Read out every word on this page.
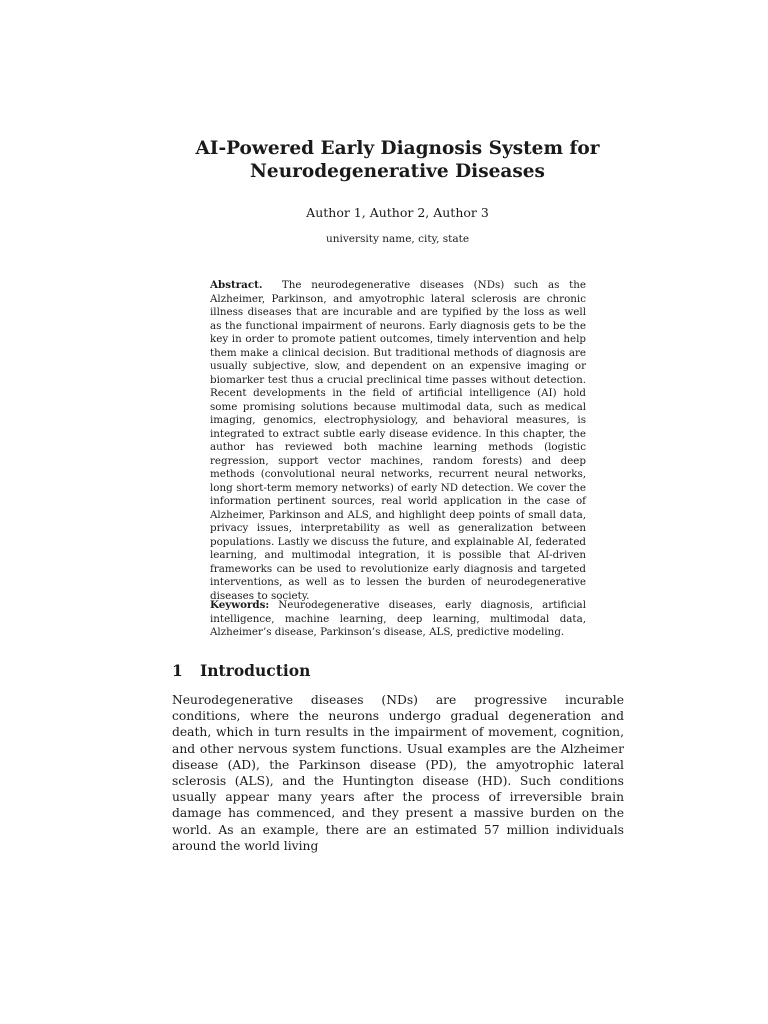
AI-Powered Early Diagnosis System for
Neurodegenerative Diseases

Author 1, Author 2, Author 3

university name, city, state

Abstract. The neurodegenerative diseases (NDs) such as the Alzheimer, Parkinson, and amyotrophic lateral sclerosis are chronic illness diseases that are incurable and are typified by the loss as well as the functional impairment of neurons. Early diagnosis gets to be the key in order to promote patient outcomes, timely intervention and help them make a clinical decision. But traditional methods of diagnosis are usually subjective, slow, and dependent on an expensive imaging or biomarker test thus a crucial preclinical time passes without detection. Recent developments in the field of artificial intelligence (AI) hold some promising solutions because multimodal data, such as medical imaging, genomics, electrophysiology, and behavioral measures, is integrated to extract subtle early disease evidence. In this chapter, the author has reviewed both machine learning methods (logistic regression, support vector machines, random forests) and deep methods (convolutional neural networks, recurrent neural networks, long short-term memory networks) of early ND detection. We cover the information pertinent sources, real world application in the case of Alzheimer, Parkinson and ALS, and highlight deep points of small data, privacy issues, interpretability as well as generalization between populations. Lastly we discuss the future, and explainable AI, federated learning, and multimodal integration, it is possible that AI-driven frameworks can be used to revolutionize early diagnosis and targeted interventions, as well as to lessen the burden of neurodegenerative diseases to society.

Keywords: Neurodegenerative diseases, early diagnosis, artificial intelligence, machine learning, deep learning, multimodal data, Alzheimer’s disease, Parkinson’s disease, ALS, predictive modeling.

1 Introduction

Neurodegenerative diseases (NDs) are progressive incurable conditions, where the neurons undergo gradual degeneration and death, which in turn results in the impairment of movement, cognition, and other nervous system functions. Usual examples are the Alzheimer disease (AD), the Parkinson disease (PD), the amyotrophic lateral sclerosis (ALS), and the Huntington disease (HD). Such conditions usually appear many years after the process of irreversible brain damage has commenced, and they present a massive burden on the world. As an example, there are an estimated 57 million individuals around the world living
